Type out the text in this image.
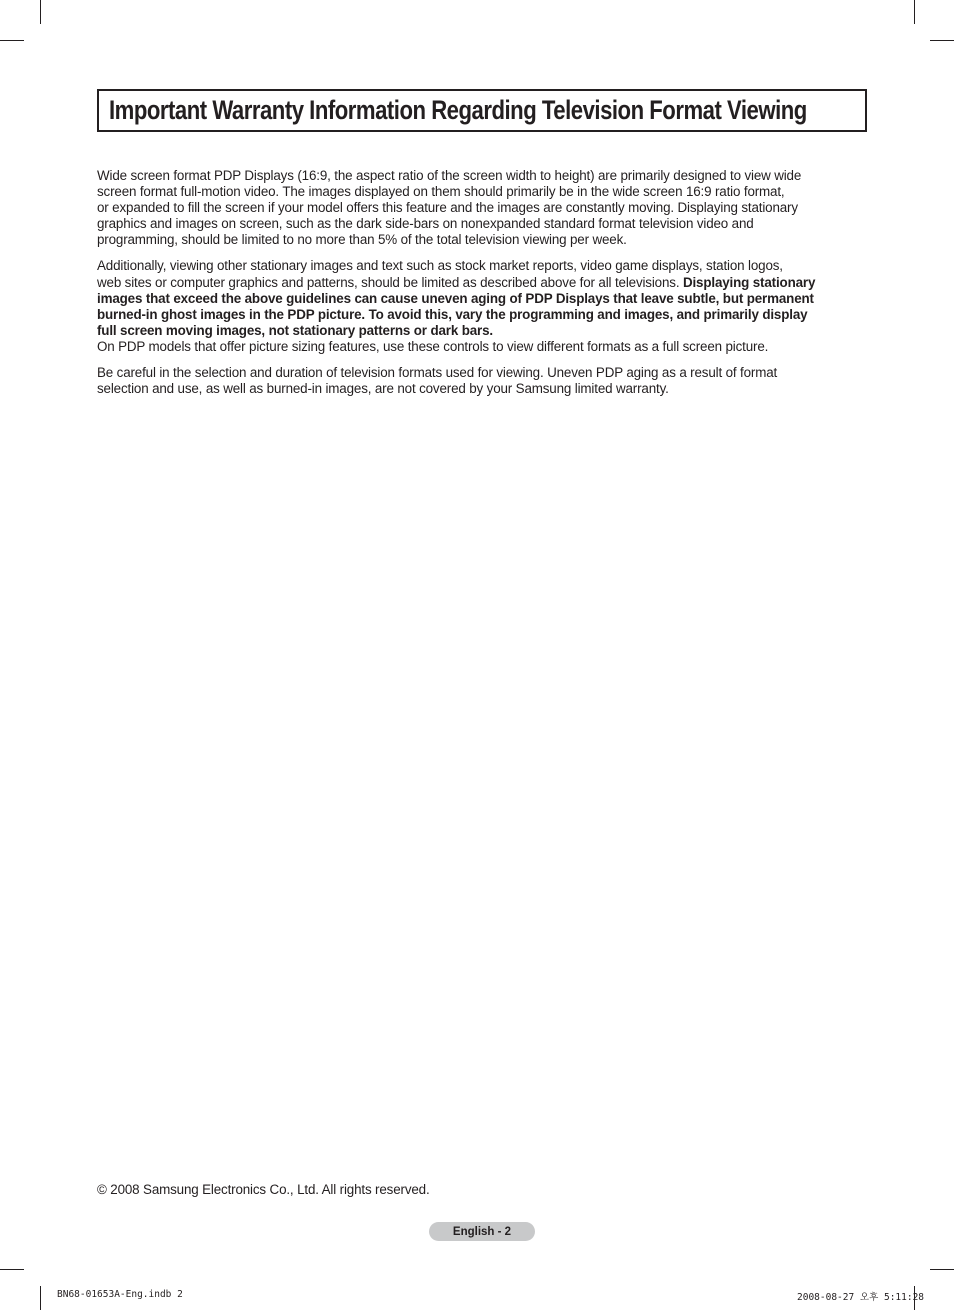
Important Warranty Information Regarding Television Format Viewing

Wide screen format PDP Displays (16:9, the aspect ratio of the screen width to height) are primarily designed to view wide
screen format full-motion video. The images displayed on them should primarily be in the wide screen 16:9 ratio format,
or expanded to fill the screen if your model offers this feature and the images are constantly moving. Displaying stationary
graphics and images on screen, such as the dark side-bars on nonexpanded standard format television video and
programming, should be limited to no more than 5% of the total television viewing per week.

Additionally, viewing other stationary images and text such as stock market reports, video game displays, station logos,
web sites or computer graphics and patterns, should be limited as described above for all televisions. Displaying stationary
images that exceed the above guidelines can cause uneven aging of PDP Displays that leave subtle, but permanent
burned-in ghost images in the PDP picture. To avoid this, vary the programming and images, and primarily display
full screen moving images, not stationary patterns or dark bars.
On PDP models that offer picture sizing features, use these controls to view different formats as a full screen picture.

Be careful in the selection and duration of television formats used for viewing. Uneven PDP aging as a result of format
selection and use, as well as burned-in images, are not covered by your Samsung limited warranty.

© 2008 Samsung Electronics Co., Ltd. All rights reserved.
English - 2
BN68-01653A-Eng.indb 2	2008-08-27 오후 5:11:28
